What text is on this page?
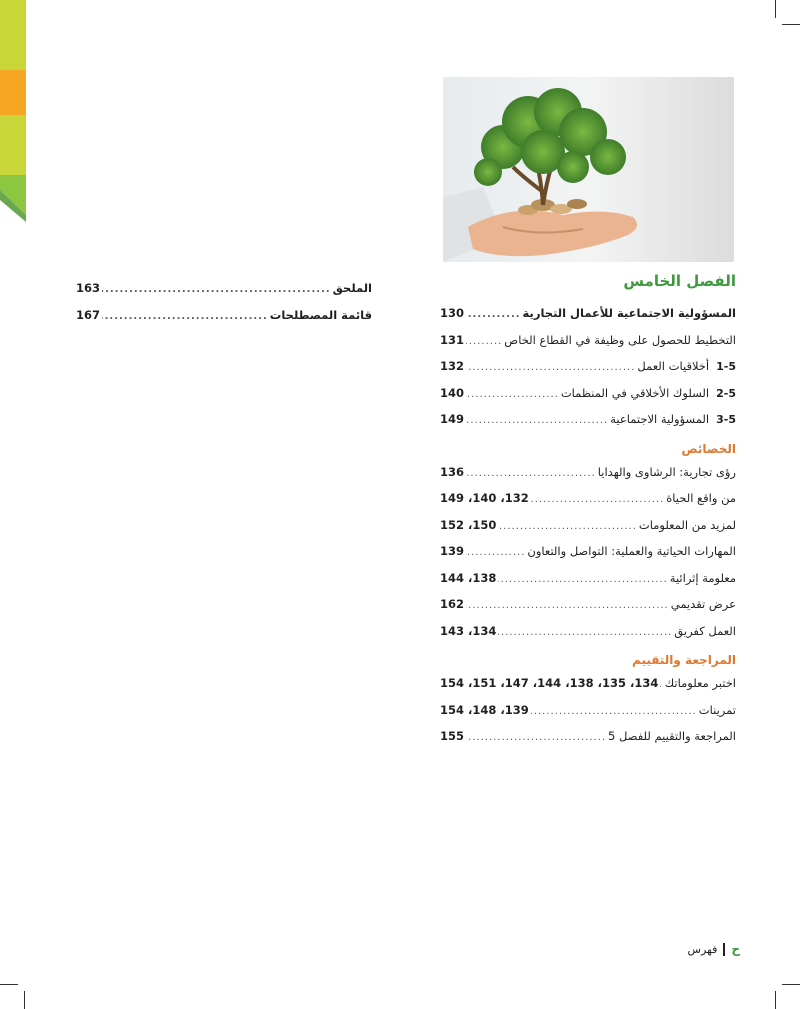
الفصل الخامس
المسؤولية الاجتماعية للأعمال التجارية
.....
130
التخطيط للحصول على وظيفة في القطاع الخاص
.....
131
1-5
أخلاقيات العمل
.....
132
2-5
السلوك الأخلاقي في المنظمات
.....
140
3-5
المسؤولية الاجتماعية
.....
149
الخصائص
رؤى تجارية: الرشاوى والهدايا
.....
136
من واقع الحياة
.....
132، 140، 149
لمزيد من المعلومات
.....
150، 152
المهارات الحياتية والعملية: التواصل والتعاون
.....
139
معلومة إثرائية
.....
138، 144
عرض تقديمي
.....
162
العمل كفريق
.....
134، 143
المراجعة والتقييم
اختبر معلوماتك
.....
134، 135، 138، 144، 147، 151، 154
تمرينات
.....
139، 148، 154
المراجعة والتقييم للفصل 5
.....
155
الملحق
.....
163
قائمة المصطلحات
.....
167
ح
فهرس
